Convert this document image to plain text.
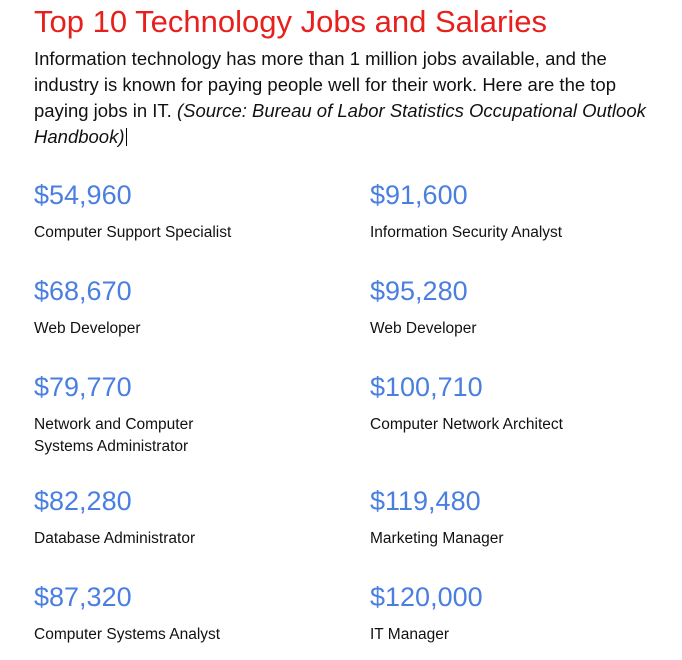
Top 10 Technology Jobs and Salaries

Information technology has more than 1 million jobs available, and the industry is known for paying people well for their work. Here are the top paying jobs in IT. (Source: Bureau of Labor Statistics Occupational Outlook Handbook)

$54,960
Computer Support Specialist
$91,600
Information Security Analyst
$68,670
Web Developer
$95,280
Web Developer
$79,770
Network and Computer Systems Administrator
$100,710
Computer Network Architect
$82,280
Database Administrator
$119,480
Marketing Manager
$87,320
Computer Systems Analyst
$120,000
IT Manager
